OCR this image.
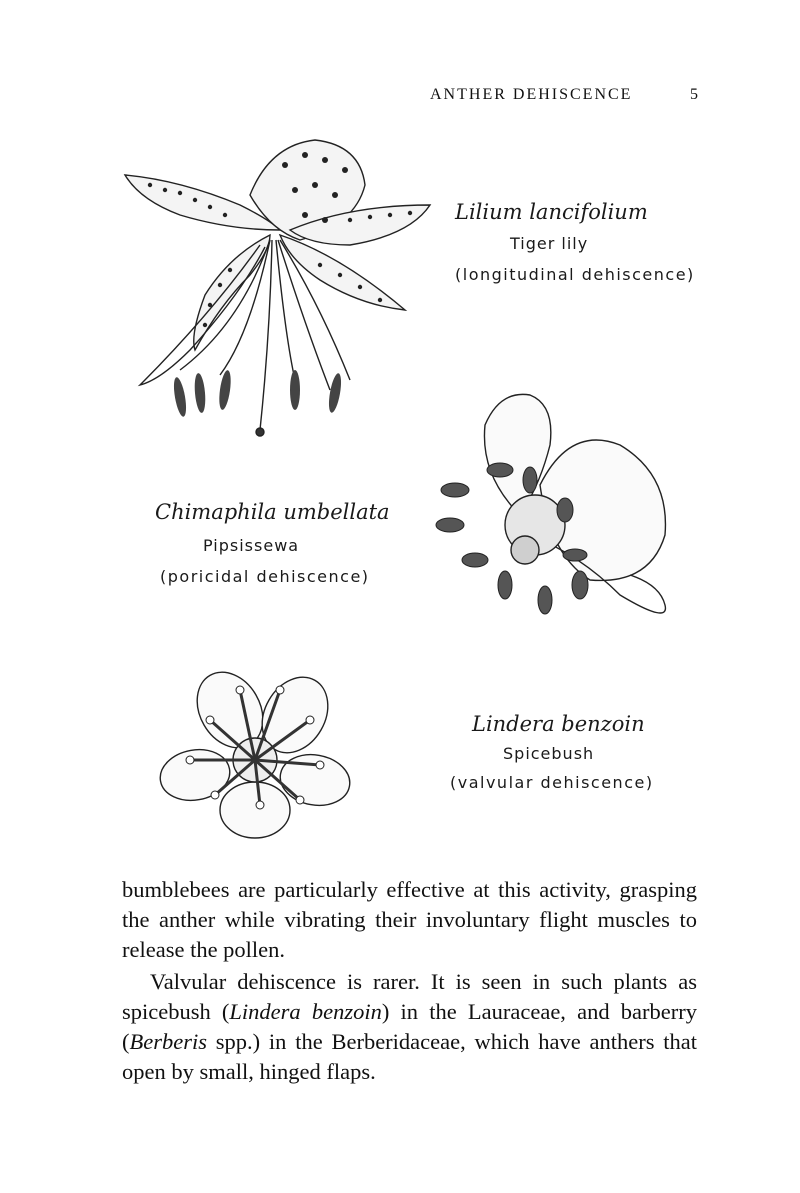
ANTHER DEHISCENCE	5
Lilium lancifolium
Tiger lily
(longitudinal dehiscence)
Chimaphila umbellata
Pipsissewa
(poricidal dehiscence)
Lindera benzoin
Spicebush
(valvular dehiscence)

bumblebees are particularly effective at this activity, grasping the anther while vibrating their involuntary flight muscles to release the pollen.

Valvular dehiscence is rarer. It is seen in such plants as spicebush (Lindera benzoin) in the Lauraceae, and barberry (Berberis spp.) in the Berberidaceae, which have anthers that open by small, hinged flaps.
